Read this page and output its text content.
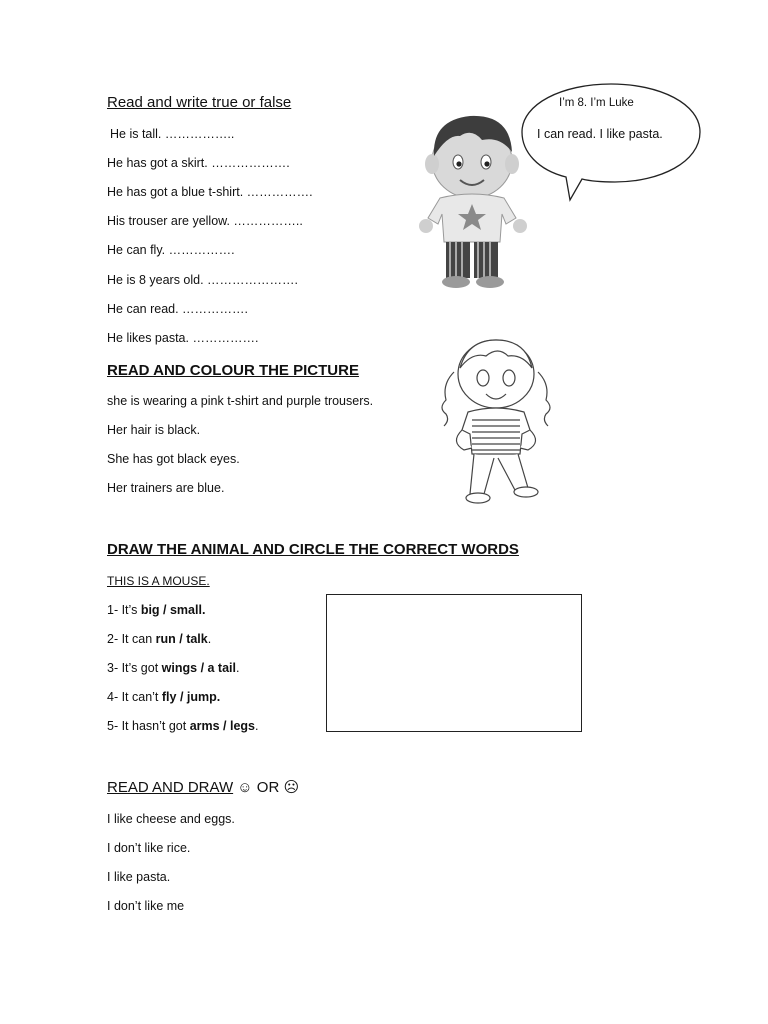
Read and write true or false
He is tall. ……………..
He has got a skirt. ……………….
He has got a blue t-shirt. …………….
His trouser are yellow. ……………..
He can fly. …………….
He is 8 years old. ………………….
He can read. …………….
He likes pasta. …………….
I’m 8. I’m Luke
I can read. I like pasta.
READ AND COLOUR THE PICTURE
she is wearing a pink t-shirt and purple trousers.
Her hair is black.
She has got black eyes.
Her trainers are blue.
DRAW THE ANIMAL AND CIRCLE THE CORRECT WORDS
THIS IS A MOUSE.
1- It’s big / small.
2- It can run / talk.
3- It’s got wings / a tail.
4- It can’t fly / jump.
5- It hasn’t got arms / legs.
READ AND DRAW ☺ OR ☹
I like cheese and eggs.
I don’t like rice.
I like pasta.
I don’t like me
